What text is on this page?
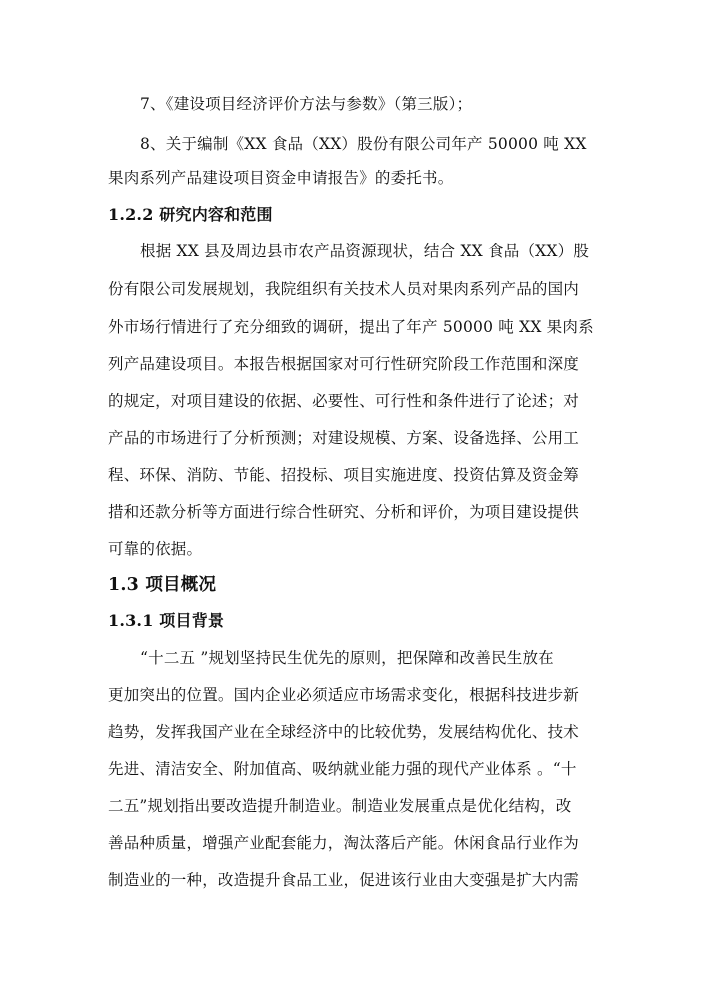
7、《建设项目经济评价方法与参数》（第三版）；
8、关于编制《XX 食品（XX）股份有限公司年产 50000 吨 XX
果肉系列产品建设项目资金申请报告》的委托书。
1.2.2 研究内容和范围
根据 XX 县及周边县市农产品资源现状，结合 XX 食品（XX）股
份有限公司发展规划，我院组织有关技术人员对果肉系列产品的国内
外市场行情进行了充分细致的调研，提出了年产 50000 吨 XX 果肉系
列产品建设项目。本报告根据国家对可行性研究阶段工作范围和深度
的规定，对项目建设的依据、必要性、可行性和条件进行了论述；对
产品的市场进行了分析预测；对建设规模、方案、设备选择、公用工
程、环保、消防、节能、招投标、项目实施进度、投资估算及资金筹
措和还款分析等方面进行综合性研究、分析和评价，为项目建设提供
可靠的依据。
1.3 项目概况
1.3.1 项目背景
“十二五 ”规划坚持民生优先的原则，把保障和改善民生放在
更加突出的位置。国内企业必须适应市场需求变化，根据科技进步新
趋势，发挥我国产业在全球经济中的比较优势，发展结构优化、技术
先进、清洁安全、附加值高、吸纳就业能力强的现代产业体系 。“十
二五”规划指出要改造提升制造业。制造业发展重点是优化结构，改
善品种质量，增强产业配套能力，淘汰落后产能。休闲食品行业作为
制造业的一种，改造提升食品工业，促进该行业由大变强是扩大内需
